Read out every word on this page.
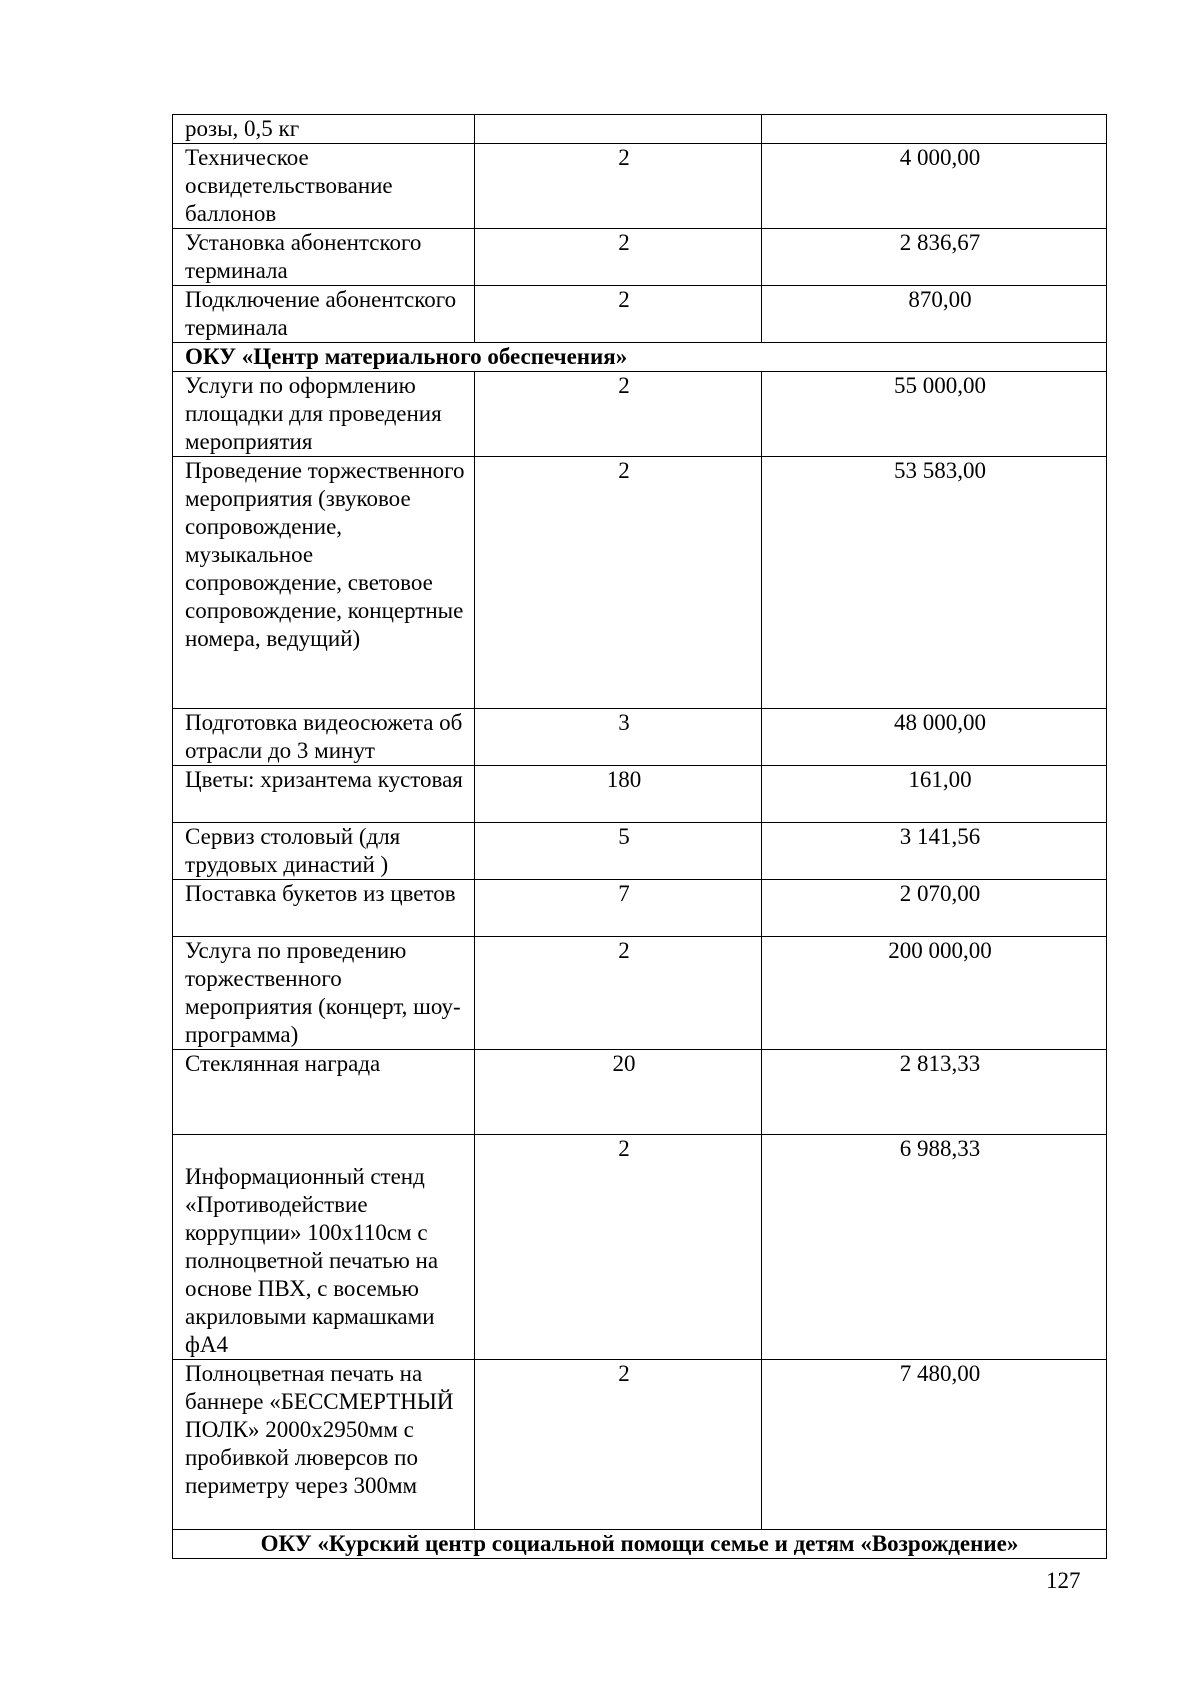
розы, 0,5 кг		
Техническое освидетельствование баллонов	2	4 000,00
Установка абонентского терминала	2	2 836,67
Подключение абонентского терминала	2	870,00
ОКУ «Центр материального обеспечения»		
Услуги по оформлению площадки для проведения мероприятия	2	55 000,00
Проведение торжественного мероприятия (звуковое сопровождение, музыкальное сопровождение, световое сопровождение, концертные номера, ведущий)	2	53 583,00
Подготовка видеосюжета об отрасли до 3 минут	3	48 000,00
Цветы: хризантема кустовая	180	161,00
Сервиз столовый (для трудовых династий )	5	3 141,56
Поставка букетов из цветов	7	2 070,00
Услуга по проведению торжественного мероприятия (концерт, шоу-программа)	2	200 000,00
Стеклянная награда	20	2 813,33
Информационный стенд «Противодействие коррупции» 100х110см с полноцветной печатью на основе ПВХ, с восемью акриловыми кармашками фА4	2	6 988,33
Полноцветная печать на баннере «БЕССМЕРТНЫЙ ПОЛК» 2000х2950мм с пробивкой люверсов по периметру через 300мм	2	7 480,00
ОКУ «Курский центр социальной помощи семье и детям «Возрождение»		
127
